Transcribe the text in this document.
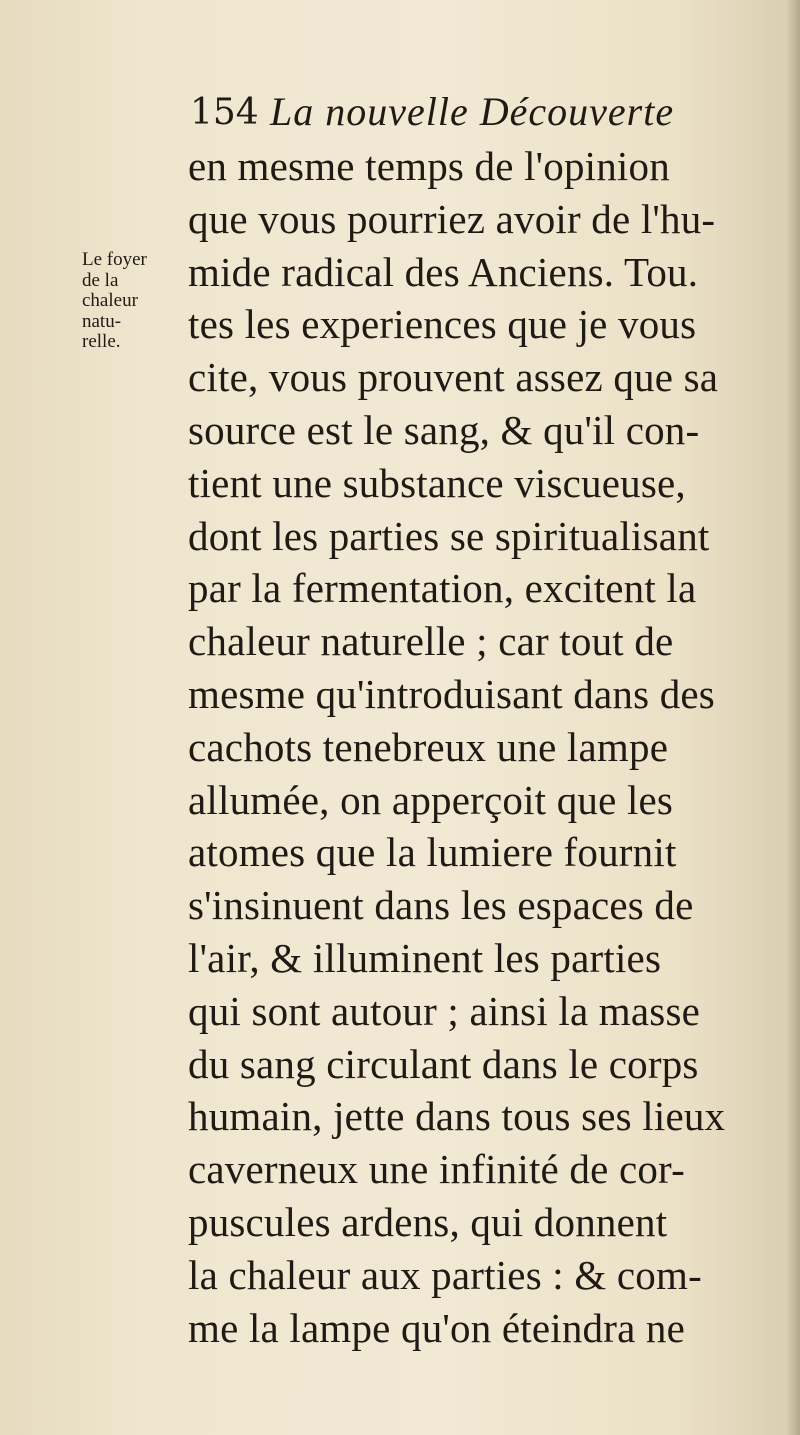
154 La nouvelle Découverte
Le foyer
de la
chaleur
natu-
relle.
en mesme temps de l'opinion
que vous pourriez avoir de l'hu-
mide radical des Anciens. Tou.
tes les experiences que je vous
cite, vous prouvent assez que sa
source est le sang, & qu'il con-
tient une substance viscueuse,
dont les parties se spiritualisant
par la fermentation, excitent la
chaleur naturelle ; car tout de
mesme qu'introduisant dans des
cachots tenebreux une lampe
allumée, on apperçoit que les
atomes que la lumiere fournit
s'insinuent dans les espaces de
l'air, & illuminent les parties
qui sont autour ; ainsi la masse
du sang circulant dans le corps
humain, jette dans tous ses lieux
caverneux une infinité de cor-
puscules ardens, qui donnent
la chaleur aux parties : & com-
me la lampe qu'on éteindra ne
